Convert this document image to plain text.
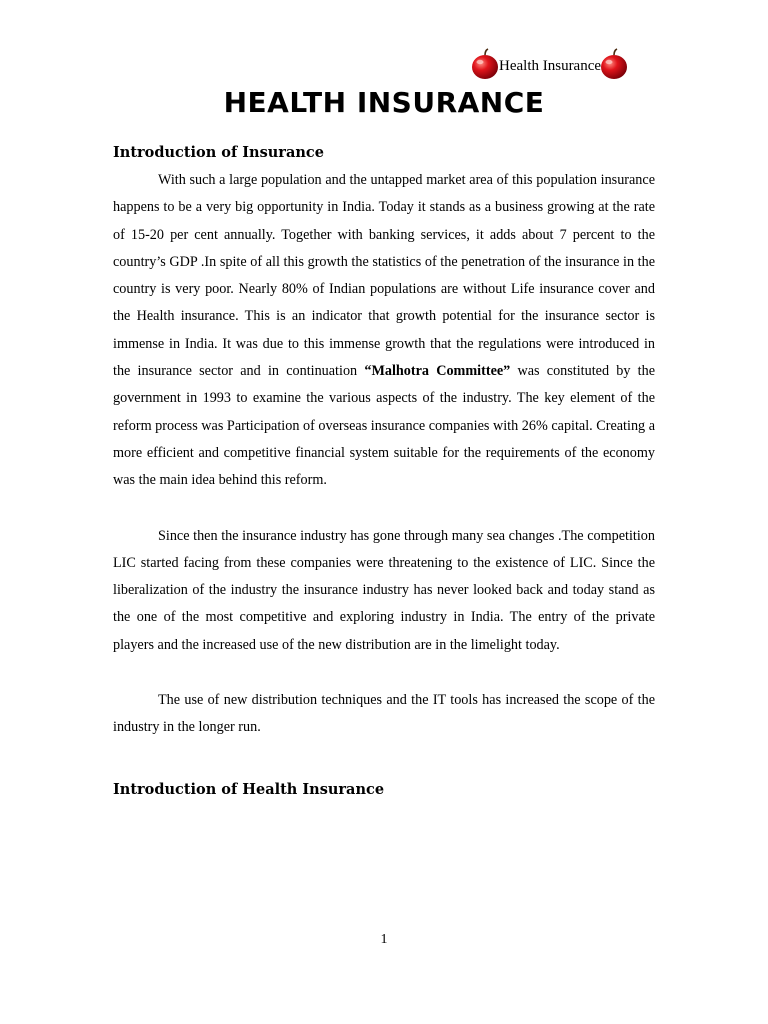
Health Insurance
HEALTH INSURANCE
Introduction of Insurance

With such a large population and the untapped market area of this population insurance happens to be a very big opportunity in India. Today it stands as a business growing at the rate of 15-20 per cent annually. Together with banking services, it adds about 7 percent to the country’s GDP .In spite of all this growth the statistics of the penetration of the insurance in the country is very poor. Nearly 80% of Indian populations are without Life insurance cover and the Health insurance. This is an indicator that growth potential for the insurance sector is immense in India. It was due to this immense growth that the regulations were introduced in the insurance sector and in continuation “Malhotra Committee” was constituted by the government in 1993 to examine the various aspects of the industry. The key element of the reform process was Participation of overseas insurance companies with 26% capital. Creating a more efficient and competitive financial system suitable for the requirements of the economy was the main idea behind this reform.

Since then the insurance industry has gone through many sea changes .The competition LIC started facing from these companies were threatening to the existence of LIC. Since the liberalization of the industry the insurance industry has never looked back and today stand as the one of the most competitive and exploring industry in India. The entry of the private players and the increased use of the new distribution are in the limelight today.

The use of new distribution techniques and the IT tools has increased the scope of the industry in the longer run.

Introduction of Health Insurance

1
